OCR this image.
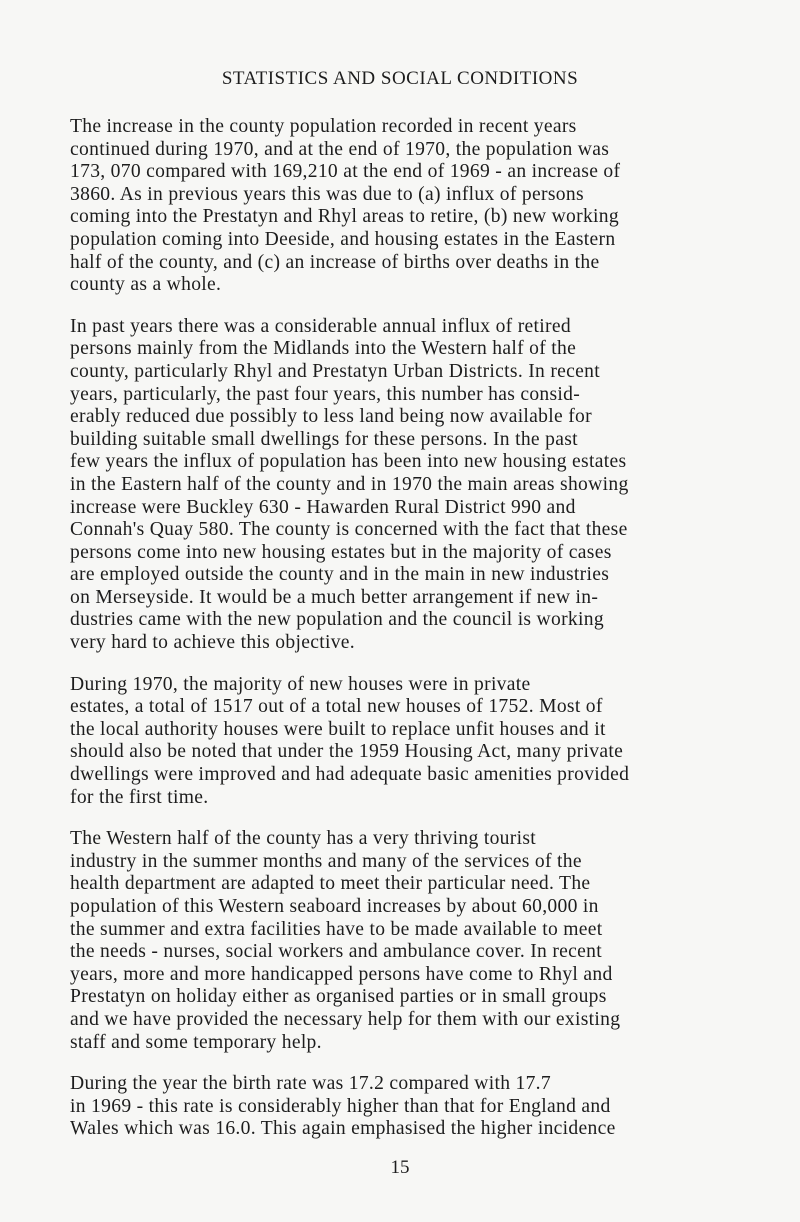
STATISTICS AND SOCIAL CONDITIONS

The increase in the county population recorded in recent years
continued during 1970, and at the end of 1970, the population was
173, 070 compared with 169,210 at the end of 1969 - an increase of
3860. As in previous years this was due to (a) influx of persons
coming into the Prestatyn and Rhyl areas to retire, (b) new working
population coming into Deeside, and housing estates in the Eastern
half of the county, and (c) an increase of births over deaths in the
county as a whole.

In past years there was a considerable annual influx of retired
persons mainly from the Midlands into the Western half of the
county, particularly Rhyl and Prestatyn Urban Districts. In recent
years, particularly, the past four years, this number has consid-
erably reduced due possibly to less land being now available for
building suitable small dwellings for these persons. In the past
few years the influx of population has been into new housing estates
in the Eastern half of the county and in 1970 the main areas showing
increase were Buckley 630 - Hawarden Rural District 990 and
Connah's Quay 580. The county is concerned with the fact that these
persons come into new housing estates but in the majority of cases
are employed outside the county and in the main in new industries
on Merseyside. It would be a much better arrangement if new in-
dustries came with the new population and the council is working
very hard to achieve this objective.

During 1970, the majority of new houses were in private
estates, a total of 1517 out of a total new houses of 1752. Most of
the local authority houses were built to replace unfit houses and it
should also be noted that under the 1959 Housing Act, many private
dwellings were improved and had adequate basic amenities provided
for the first time.

The Western half of the county has a very thriving tourist
industry in the summer months and many of the services of the
health department are adapted to meet their particular need. The
population of this Western seaboard increases by about 60,000 in
the summer and extra facilities have to be made available to meet
the needs - nurses, social workers and ambulance cover. In recent
years, more and more handicapped persons have come to Rhyl and
Prestatyn on holiday either as organised parties or in small groups
and we have provided the necessary help for them with our existing
staff and some temporary help.

During the year the birth rate was 17.2 compared with 17.7
in 1969 - this rate is considerably higher than that for England and
Wales which was 16.0. This again emphasised the higher incidence

15
